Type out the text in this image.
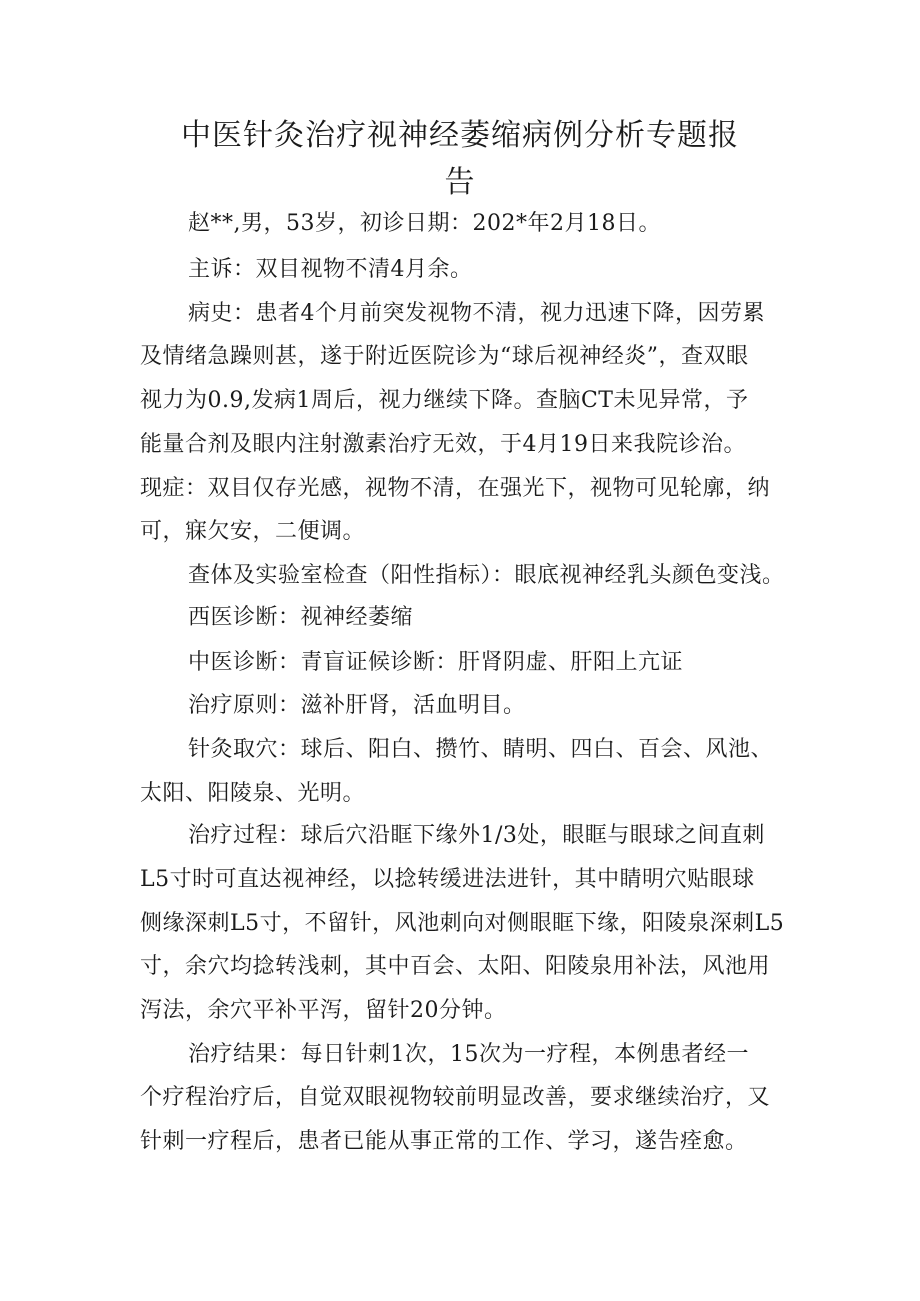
中医针灸治疗视神经萎缩病例分析专题报
告

赵**,男，53岁，初诊日期：202*年2月18日。

主诉：双目视物不清4月余。

病史：患者4个月前突发视物不清，视力迅速下降，因劳累

及情绪急躁则甚，遂于附近医院诊为“球后视神经炎”，查双眼

视力为0.9,发病1周后，视力继续下降。查脑CT未见异常，予

能量合剂及眼内注射激素治疗无效，于4月19日来我院诊治。

现症：双目仅存光感，视物不清，在强光下，视物可见轮廓，纳

可，寐欠安，二便调。

查体及实验室检查（阳性指标）：眼底视神经乳头颜色变浅。

西医诊断：视神经萎缩

中医诊断：青盲证候诊断：肝肾阴虚、肝阳上亢证

治疗原则：滋补肝肾，活血明目。

针灸取穴：球后、阳白、攒竹、睛明、四白、百会、风池、

太阳、阳陵泉、光明。

治疗过程：球后穴沿眶下缘外1/3处，眼眶与眼球之间直刺

L5寸时可直达视神经，以捻转缓进法进针，其中睛明穴贴眼球

侧缘深刺L5寸，不留针，风池刺向对侧眼眶下缘，阳陵泉深刺L5

寸，余穴均捻转浅刺，其中百会、太阳、阳陵泉用补法，风池用

泻法，余穴平补平泻，留针20分钟。

治疗结果：每日针刺1次，15次为一疗程，本例患者经一

个疗程治疗后，自觉双眼视物较前明显改善，要求继续治疗，又

针刺一疗程后，患者已能从事正常的工作、学习，遂告痊愈。
